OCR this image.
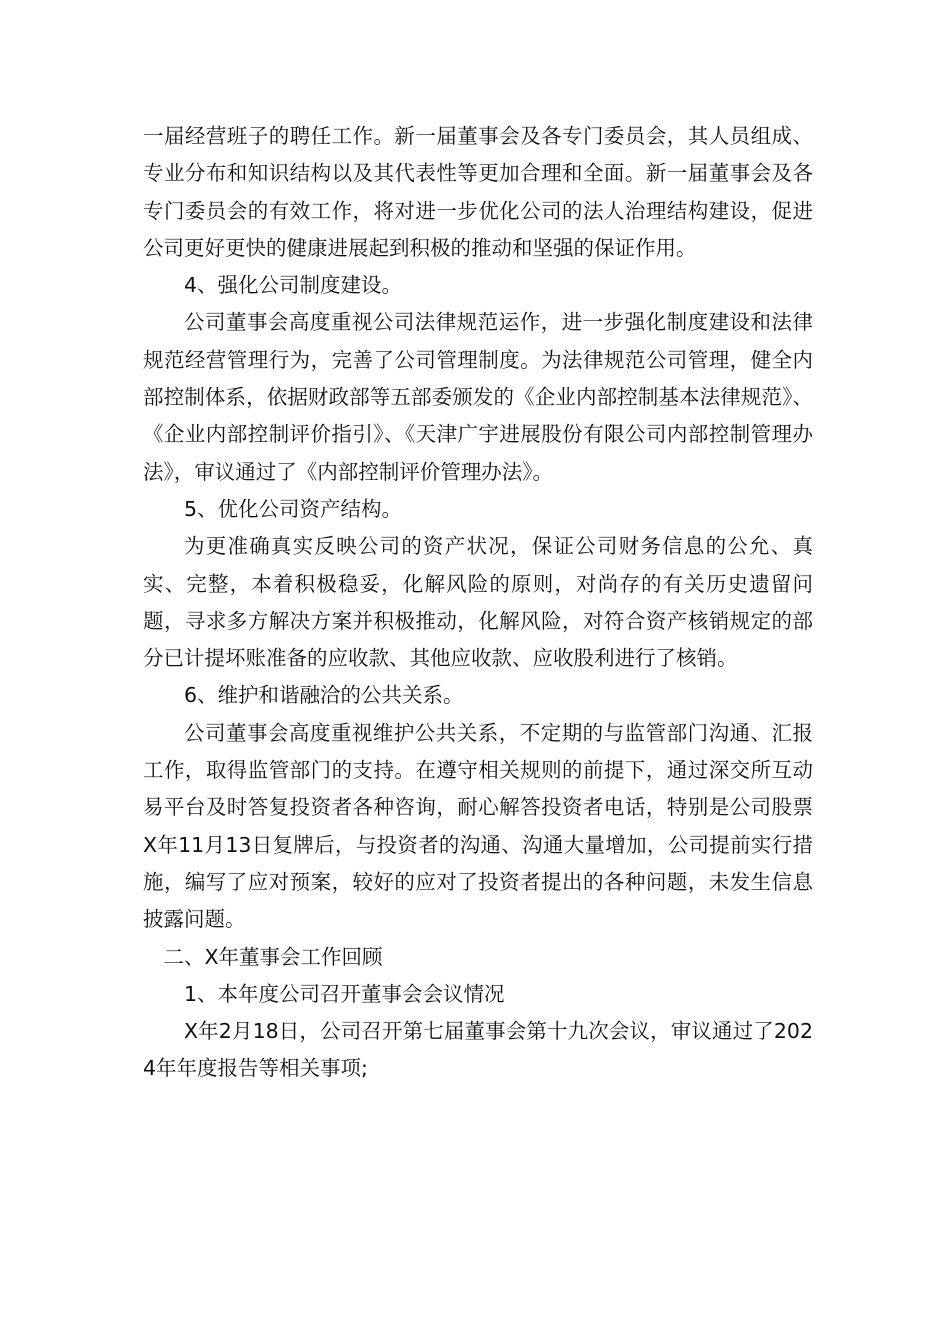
一届经营班子的聘任工作。新一届董事会及各专门委员会，其人员组成、专业分布和知识结构以及其代表性等更加合理和全面。新一届董事会及各专门委员会的有效工作，将对进一步优化公司的法人治理结构建设，促进公司更好更快的健康进展起到积极的推动和坚强的保证作用。

4、强化公司制度建设。

公司董事会高度重视公司法律规范运作，进一步强化制度建设和法律规范经营管理行为，完善了公司管理制度。为法律规范公司管理，健全内部控制体系，依据财政部等五部委颁发的《企业内部控制基本法律规范》、《企业内部控制评价指引》、《天津广宇进展股份有限公司内部控制管理办法》，审议通过了《内部控制评价管理办法》。

5、优化公司资产结构。

为更准确真实反映公司的资产状况，保证公司财务信息的公允、真实、完整，本着积极稳妥，化解风险的原则，对尚存的有关历史遗留问题，寻求多方解决方案并积极推动，化解风险，对符合资产核销规定的部分已计提坏账准备的应收款、其他应收款、应收股利进行了核销。

6、维护和谐融洽的公共关系。

公司董事会高度重视维护公共关系，不定期的与监管部门沟通、汇报工作，取得监管部门的支持。在遵守相关规则的前提下，通过深交所互动易平台及时答复投资者各种咨询，耐心解答投资者电话，特别是公司股票X年11月13日复牌后，与投资者的沟通、沟通大量增加，公司提前实行措施，编写了应对预案，较好的应对了投资者提出的各种问题，未发生信息披露问题。

二、X年董事会工作回顾

1、本年度公司召开董事会会议情况

X年2月18日，公司召开第七届董事会第十九次会议，审议通过了2024年年度报告等相关事项;
